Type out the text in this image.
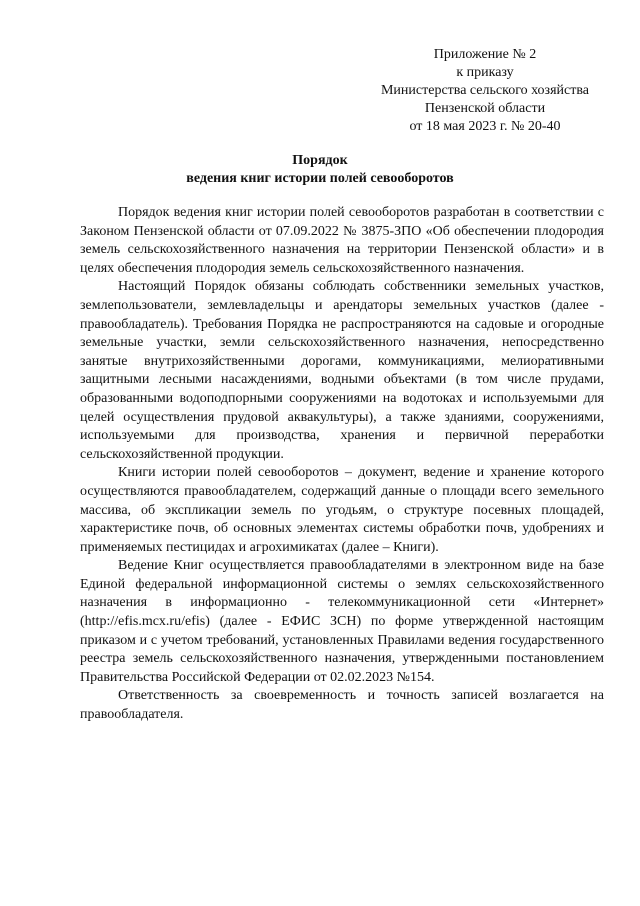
Приложение № 2
к приказу
Министерства сельского хозяйства
Пензенской области
от 18 мая 2023 г. № 20-40
Порядок
ведения книг истории полей севооборотов

Порядок ведения книг истории полей севооборотов разработан в соответствии с Законом Пензенской области от 07.09.2022 № 3875-ЗПО «Об обеспечении плодородия земель сельскохозяйственного назначения на территории Пензенской области» и в целях обеспечения плодородия земель сельскохозяйственного назначения.

Настоящий Порядок обязаны соблюдать собственники земельных участков, землепользователи, землевладельцы и арендаторы земельных участков (далее - правообладатель). Требования Порядка не распространяются на садовые и огородные земельные участки, земли сельскохозяйственного назначения, непосредственно занятые внутрихозяйственными дорогами, коммуникациями, мелиоративными защитными лесными насаждениями, водными объектами (в том числе прудами, образованными водоподпорными сооружениями на водотоках и используемыми для целей осуществления прудовой аквакультуры), а также зданиями, сооружениями, используемыми для производства, хранения и первичной переработки сельскохозяйственной продукции.

Книги истории полей севооборотов – документ, ведение и хранение которого осуществляются правообладателем, содержащий данные о площади всего земельного массива, об экспликации земель по угодьям, о структуре посевных площадей, характеристике почв, об основных элементах системы обработки почв, удобрениях и применяемых пестицидах и агрохимикатах (далее – Книги).

Ведение Книг осуществляется правообладателями в электронном виде на базе Единой федеральной информационной системы о землях сельскохозяйственного назначения в информационно - телекоммуникационной сети «Интернет» (http://efis.mcx.ru/efis) (далее - ЕФИС ЗСН) по форме утвержденной настоящим приказом и с учетом требований, установленных Правилами ведения государственного реестра земель сельскохозяйственного назначения, утвержденными постановлением Правительства Российской Федерации от 02.02.2023 №154.

Ответственность за своевременность и точность записей возлагается на правообладателя.
